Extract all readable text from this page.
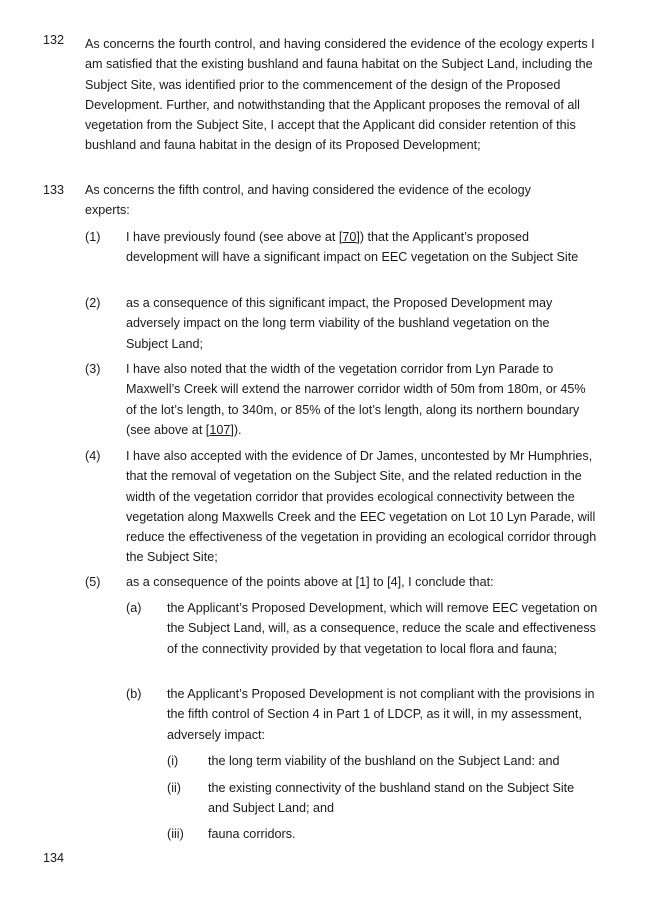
132 As concerns the fourth control, and having considered the evidence of the ecology experts I am satisfied that the existing bushland and fauna habitat on the Subject Land, including the Subject Site, was identified prior to the commencement of the design of the Proposed Development. Further, and notwithstanding that the Applicant proposes the removal of all vegetation from the Subject Site, I accept that the Applicant did consider retention of this bushland and fauna habitat in the design of its Proposed Development;

133 As concerns the fifth control, and having considered the evidence of the ecology experts:

(1) I have previously found (see above at [70]) that the Applicant’s proposed development will have a significant impact on EEC vegetation on the Subject Site

(2) as a consequence of this significant impact, the Proposed Development may adversely impact on the long term viability of the bushland vegetation on the Subject Land;

(3) I have also noted that the width of the vegetation corridor from Lyn Parade to Maxwell’s Creek will extend the narrower corridor width of 50m from 180m, or 45% of the lot’s length, to 340m, or 85% of the lot’s length, along its northern boundary (see above at [107]).

(4) I have also accepted with the evidence of Dr James, uncontested by Mr Humphries, that the removal of vegetation on the Subject Site, and the related reduction in the width of the vegetation corridor that provides ecological connectivity between the vegetation along Maxwells Creek and the EEC vegetation on Lot 10 Lyn Parade, will reduce the effectiveness of the vegetation in providing an ecological corridor through the Subject Site;

(5) as a consequence of the points above at [1] to [4], I conclude that:

(a) the Applicant’s Proposed Development, which will remove EEC vegetation on the Subject Land, will, as a consequence, reduce the scale and effectiveness of the connectivity provided by that vegetation to local flora and fauna;

(b) the Applicant’s Proposed Development is not compliant with the provisions in the fifth control of Section 4 in Part 1 of LDCP, as it will, in my assessment, adversely impact:

(i) the long term viability of the bushland on the Subject Land: and

(ii) the existing connectivity of the bushland stand on the Subject Site and Subject Land; and

(iii) fauna corridors.

134
